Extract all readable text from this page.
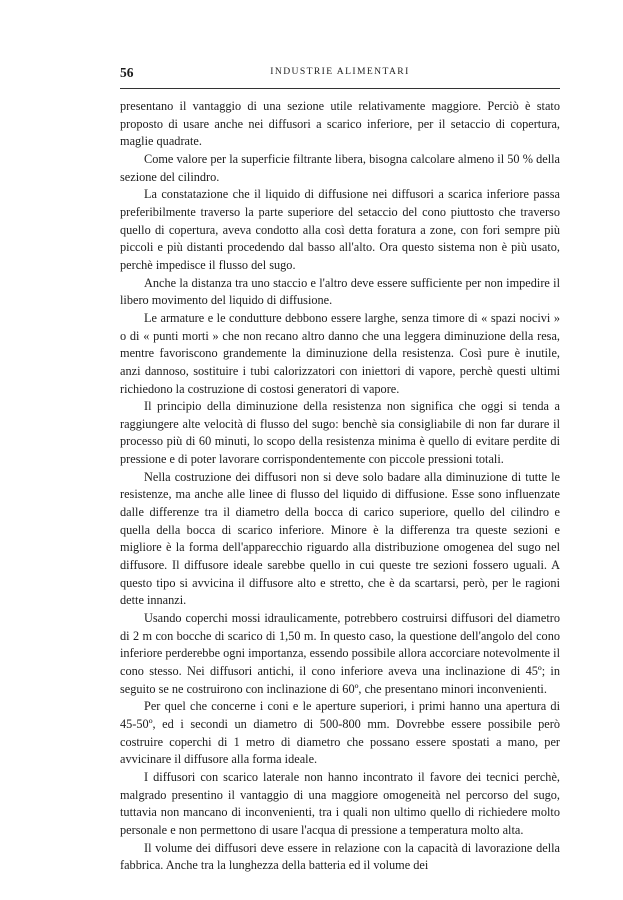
56	INDUSTRIE ALIMENTARI

presentano il vantaggio di una sezione utile relativamente maggiore. Perciò è stato proposto di usare anche nei diffusori a scarico inferiore, per il setaccio di copertura, maglie quadrate.

Come valore per la superficie filtrante libera, bisogna calcolare almeno il 50 % della sezione del cilindro.

La constatazione che il liquido di diffusione nei diffusori a scarica inferiore passa preferibilmente traverso la parte superiore del setaccio del cono piuttosto che traverso quello di copertura, aveva condotto alla così detta foratura a zone, con fori sempre più piccoli e più distanti procedendo dal basso all'alto. Ora questo sistema non è più usato, perchè impedisce il flusso del sugo.

Anche la distanza tra uno staccio e l'altro deve essere sufficiente per non impedire il libero movimento del liquido di diffusione.

Le armature e le condutture debbono essere larghe, senza timore di « spazi nocivi » o di « punti morti » che non recano altro danno che una leggera diminuzione della resa, mentre favoriscono grandemente la diminuzione della resistenza. Così pure è inutile, anzi dannoso, sostituire i tubi calorizzatori con iniettori di vapore, perchè questi ultimi richiedono la costruzione di costosi generatori di vapore.

Il principio della diminuzione della resistenza non significa che oggi si tenda a raggiungere alte velocità di flusso del sugo: benchè sia consigliabile di non far durare il processo più di 60 minuti, lo scopo della resistenza minima è quello di evitare perdite di pressione e di poter lavorare corrispondentemente con piccole pressioni totali.

Nella costruzione dei diffusori non si deve solo badare alla diminuzione di tutte le resistenze, ma anche alle linee di flusso del liquido di diffusione. Esse sono influenzate dalle differenze tra il diametro della bocca di carico superiore, quello del cilindro e quella della bocca di scarico inferiore. Minore è la differenza tra queste sezioni e migliore è la forma dell'apparecchio riguardo alla distribuzione omogenea del sugo nel diffusore. Il diffusore ideale sarebbe quello in cui queste tre sezioni fossero uguali. A questo tipo si avvicina il diffusore alto e stretto, che è da scartarsi, però, per le ragioni dette innanzi.

Usando coperchi mossi idraulicamente, potrebbero costruirsi diffusori del diametro di 2 m con bocche di scarico di 1,50 m. In questo caso, la questione dell'angolo del cono inferiore perderebbe ogni importanza, essendo possibile allora accorciare notevolmente il cono stesso. Nei diffusori antichi, il cono inferiore aveva una inclinazione di 45º; in seguito se ne costruirono con inclinazione di 60º, che presentano minori inconvenienti.

Per quel che concerne i coni e le aperture superiori, i primi hanno una apertura di 45-50º, ed i secondi un diametro di 500-800 mm. Dovrebbe essere possibile però costruire coperchi di 1 metro di diametro che possano essere spostati a mano, per avvicinare il diffusore alla forma ideale.

I diffusori con scarico laterale non hanno incontrato il favore dei tecnici perchè, malgrado presentino il vantaggio di una maggiore omogeneità nel percorso del sugo, tuttavia non mancano di inconvenienti, tra i quali non ultimo quello di richiedere molto personale e non permettono di usare l'acqua di pressione a temperatura molto alta.

Il volume dei diffusori deve essere in relazione con la capacità di lavorazione della fabbrica. Anche tra la lunghezza della batteria ed il volume dei
